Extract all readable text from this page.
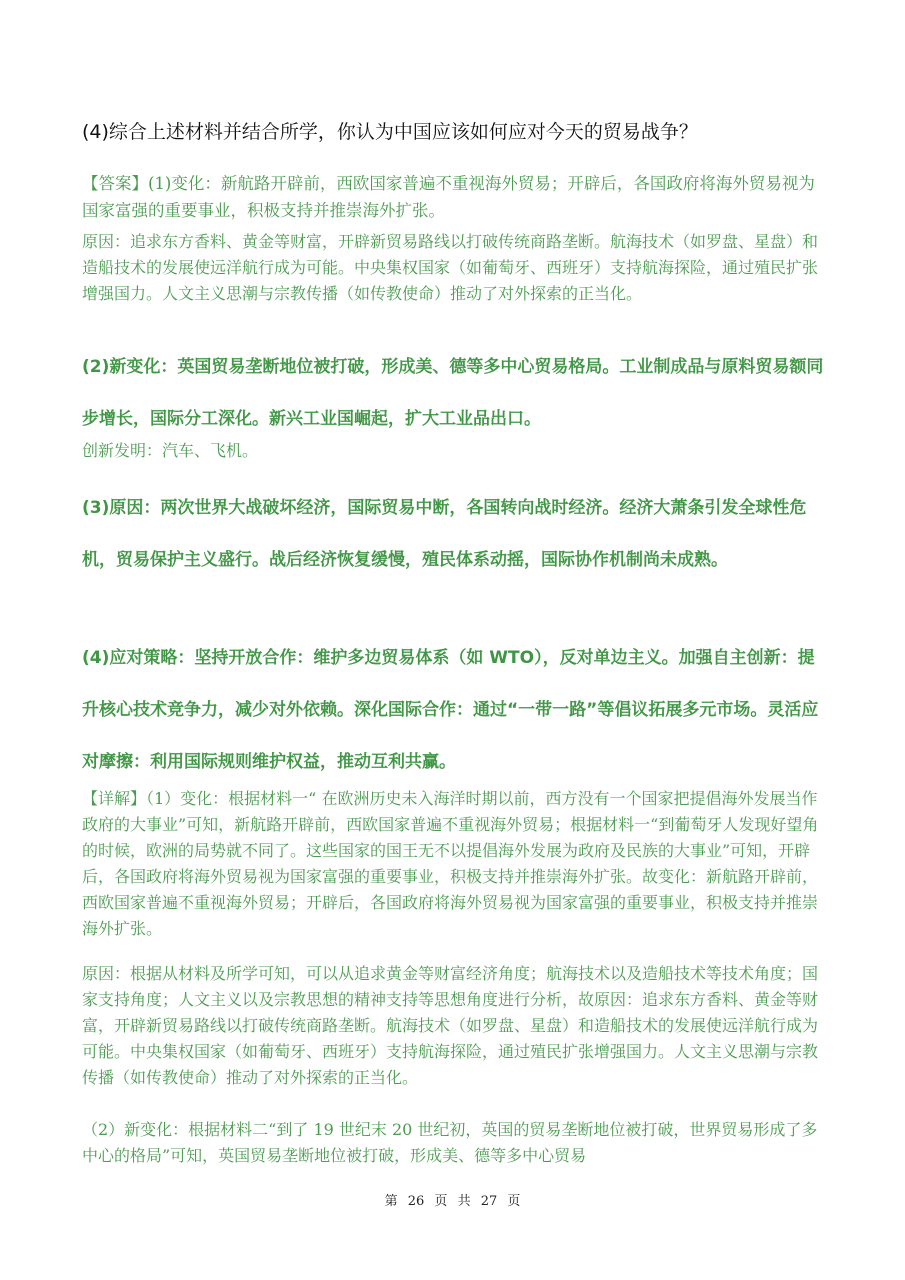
(4)综合上述材料并结合所学，你认为中国应该如何应对今天的贸易战争？

【答案】(1)变化：新航路开辟前，西欧国家普遍不重视海外贸易；开辟后，各国政府将海外贸易视为国家富强的重要事业，积极支持并推崇海外扩张。

原因：追求东方香料、黄金等财富，开辟新贸易路线以打破传统商路垄断。航海技术（如罗盘、星盘）和造船技术的发展使远洋航行成为可能。中央集权国家（如葡萄牙、西班牙）支持航海探险，通过殖民扩张增强国力。人文主义思潮与宗教传播（如传教使命）推动了对外探索的正当化。

(2)新变化：英国贸易垄断地位被打破，形成美、德等多中心贸易格局。工业制成品与原料贸易额同步增长，国际分工深化。新兴工业国崛起，扩大工业品出口。

创新发明：汽车、飞机。

(3)原因：两次世界大战破坏经济，国际贸易中断，各国转向战时经济。经济大萧条引发全球性危机，贸易保护主义盛行。战后经济恢复缓慢，殖民体系动摇，国际协作机制尚未成熟。

(4)应对策略：坚持开放合作：维护多边贸易体系（如 WTO），反对单边主义。加强自主创新：提升核心技术竞争力，减少对外依赖。深化国际合作：通过“一带一路”等倡议拓展多元市场。灵活应对摩擦：利用国际规则维护权益，推动互利共赢。

【详解】（1）变化：根据材料一“ 在欧洲历史未入海洋时期以前，西方没有一个国家把提倡海外发展当作政府的大事业”可知，新航路开辟前，西欧国家普遍不重视海外贸易；根据材料一“到葡萄牙人发现好望角的时候，欧洲的局势就不同了。这些国家的国王无不以提倡海外发展为政府及民族的大事业”可知，开辟后，各国政府将海外贸易视为国家富强的重要事业，积极支持并推崇海外扩张。故变化：新航路开辟前，西欧国家普遍不重视海外贸易；开辟后，各国政府将海外贸易视为国家富强的重要事业，积极支持并推崇海外扩张。

原因：根据从材料及所学可知，可以从追求黄金等财富经济角度；航海技术以及造船技术等技术角度；国家支持角度；人文主义以及宗教思想的精神支持等思想角度进行分析，故原因：追求东方香料、黄金等财富，开辟新贸易路线以打破传统商路垄断。航海技术（如罗盘、星盘）和造船技术的发展使远洋航行成为可能。中央集权国家（如葡萄牙、西班牙）支持航海探险，通过殖民扩张增强国力。人文主义思潮与宗教传播（如传教使命）推动了对外探索的正当化。

（2）新变化：根据材料二“到了 19 世纪末 20 世纪初，英国的贸易垄断地位被打破，世界贸易形成了多中心的格局”可知，英国贸易垄断地位被打破，形成美、德等多中心贸易

第 26 页 共 27 页
